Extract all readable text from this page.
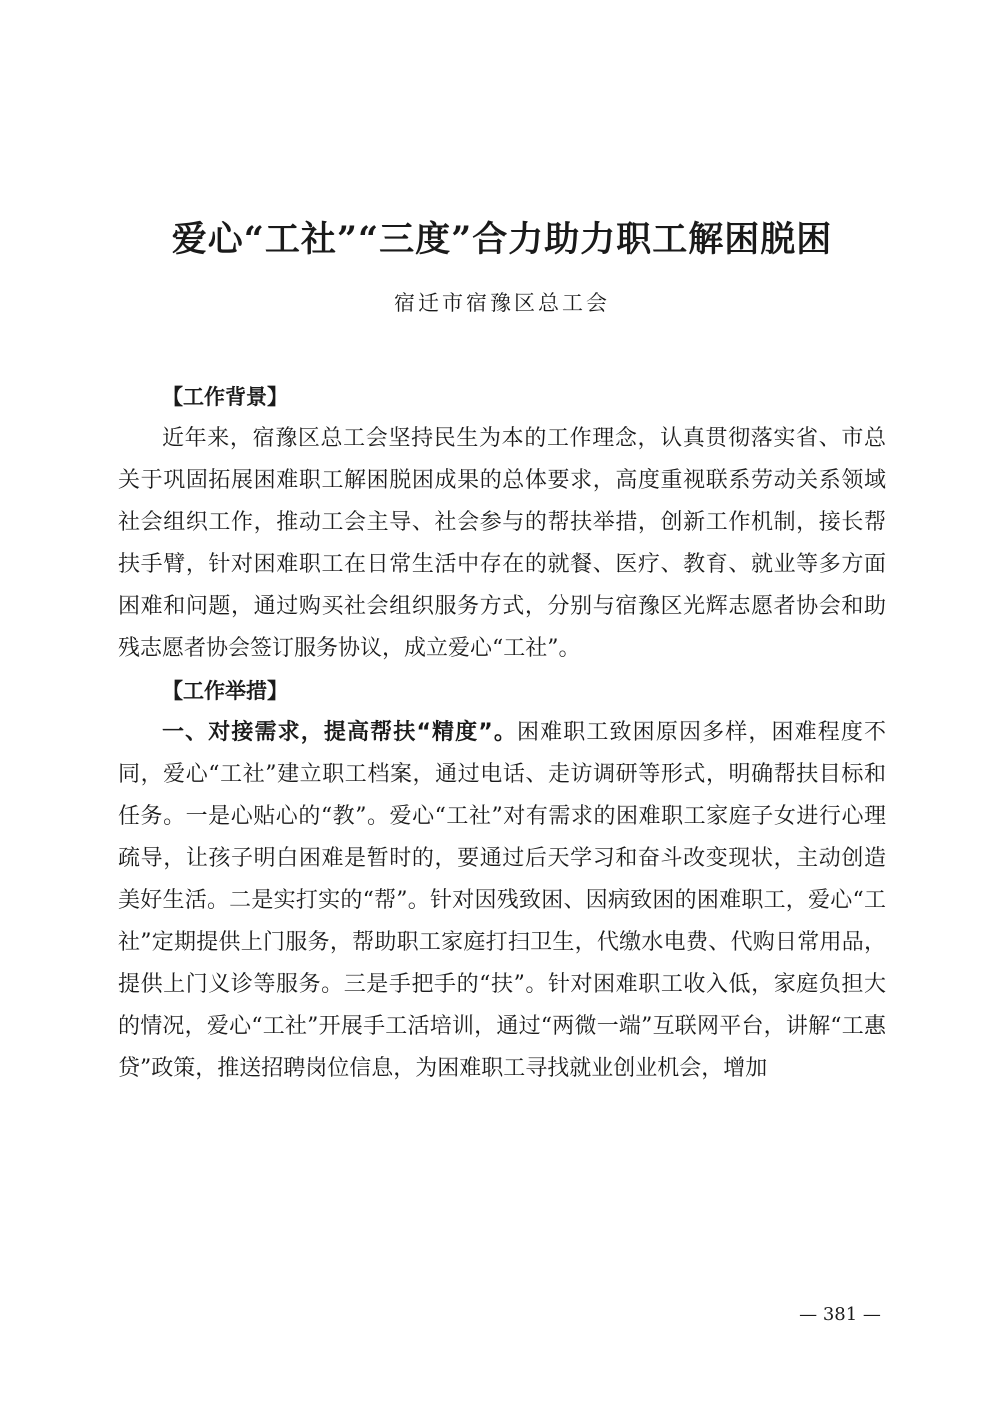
爱心“工社”“三度”合力助力职工解困脱困
宿迁市宿豫区总工会

【工作背景】

近年来，宿豫区总工会坚持民生为本的工作理念，认真贯彻落实省、市总关于巩固拓展困难职工解困脱困成果的总体要求，高度重视联系劳动关系领域社会组织工作，推动工会主导、社会参与的帮扶举措，创新工作机制，接长帮扶手臂，针对困难职工在日常生活中存在的就餐、医疗、教育、就业等多方面困难和问题，通过购买社会组织服务方式，分别与宿豫区光辉志愿者协会和助残志愿者协会签订服务协议，成立爱心“工社”。

【工作举措】

一、对接需求，提高帮扶“精度”。困难职工致困原因多样，困难程度不同，爱心“工社”建立职工档案，通过电话、走访调研等形式，明确帮扶目标和任务。一是心贴心的“教”。爱心“工社”对有需求的困难职工家庭子女进行心理疏导，让孩子明白困难是暂时的，要通过后天学习和奋斗改变现状，主动创造美好生活。二是实打实的“帮”。针对因残致困、因病致困的困难职工，爱心“工社”定期提供上门服务，帮助职工家庭打扫卫生，代缴水电费、代购日常用品，提供上门义诊等服务。三是手把手的“扶”。针对困难职工收入低，家庭负担大的情况，爱心“工社”开展手工活培训，通过“两微一端”互联网平台，讲解“工惠贷”政策，推送招聘岗位信息，为困难职工寻找就业创业机会，增加

— 381 —
